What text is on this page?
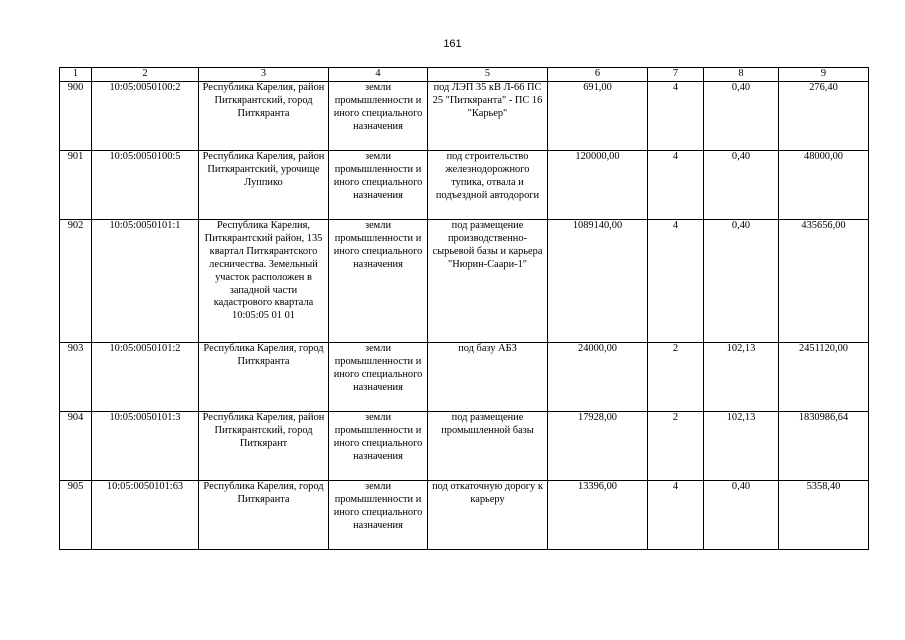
161
1	2	3	4	5	6	7	8	9
900	10:05:0050100:2	Республика Карелия, район Питкярантский, город Питкяранта	земли промышленности и иного специального назначения	под ЛЭП 35 кВ Л-66 ПС 25 "Питкяранта" - ПС 16 "Карьер"	691,00	4	0,40	276,40
901	10:05:0050100:5	Республика Карелия, район Питкярантский, урочище Луппико	земли промышленности и иного специального назначения	под строительство железнодорожного тупика, отвала и подъездной автодороги	120000,00	4	0,40	48000,00
902	10:05:0050101:1	Республика Карелия, Питкярантский район, 135 квартал Питкярантского лесничества. Земельный участок расположен в западной части кадастрового квартала 10:05:05 01 01	земли промышленности и иного специального назначения	под размещение производственно-сырьевой базы и карьера "Нюрин-Саари-1"	1089140,00	4	0,40	435656,00
903	10:05:0050101:2	Республика Карелия, город Питкяранта	земли промышленности и иного специального назначения	под базу АБЗ	24000,00	2	102,13	2451120,00
904	10:05:0050101:3	Республика Карелия, район Питкярантский, город Питкярант	земли промышленности и иного специального назначения	под размещение промышленной базы	17928,00	2	102,13	1830986,64
905	10:05:0050101:63	Республика Карелия, город Питкяранта	земли промышленности и иного специального назначения	под откаточную дорогу к карьеру	13396,00	4	0,40	5358,40
